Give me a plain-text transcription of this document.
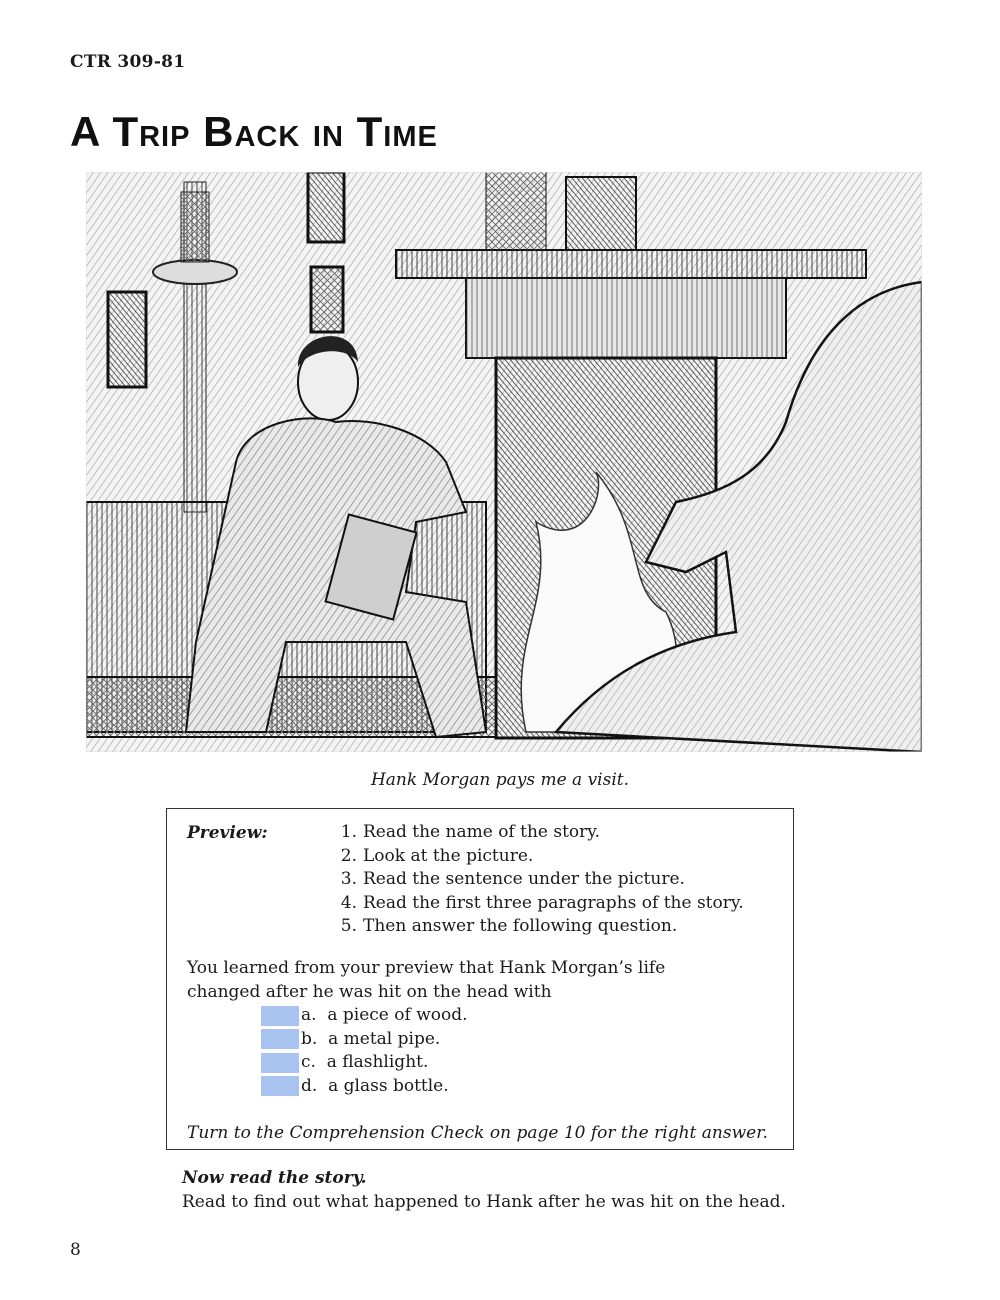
CTR 309-81
A Trip Back in Time
Hank Morgan pays me a visit.
Preview:	1. Read the name of the story.
2. Look at the picture.
3. Read the sentence under the picture.
4. Read the first three paragraphs of the story.
5. Then answer the following question.
You learned from your preview that Hank Morgan’s life
changed after he was hit on the head with
a.
a piece of wood.
b.
a metal pipe.
c.
a flashlight.
d.
a glass bottle.
Turn to the Comprehension Check on page 10 for the right answer.
Now read the story.
Read to find out what happened to Hank after he was hit on the head.
8
